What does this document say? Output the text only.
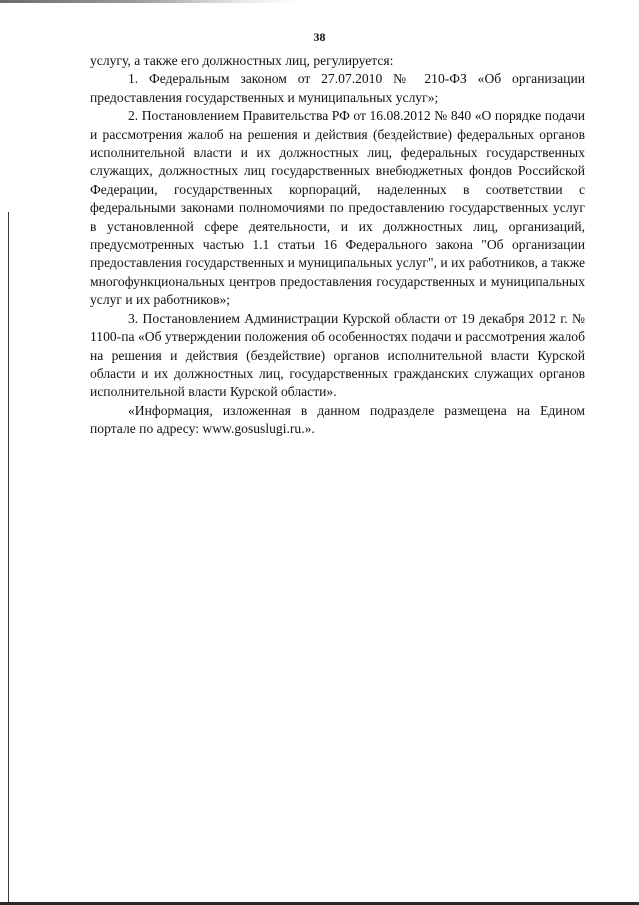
38

услугу, а также его должностных лиц, регулируется:

1. Федеральным законом от 27.07.2010 № 210-ФЗ «Об организации предоставления государственных и муниципальных услуг»;

2. Постановлением Правительства РФ от 16.08.2012 № 840 «О порядке подачи и рассмотрения жалоб на решения и действия (бездействие) федеральных органов исполнительной власти и их должностных лиц, федеральных государственных служащих, должностных лиц государственных внебюджетных фондов Российской Федерации, государственных корпораций, наделенных в соответствии с федеральными законами полномочиями по предоставлению государственных услуг в установленной сфере деятельности, и их должностных лиц, организаций, предусмотренных частью 1.1 статьи 16 Федерального закона "Об организации предоставления государственных и муниципальных услуг", и их работников, а также многофункциональных центров предоставления государственных и муниципальных услуг и их работников»;

3. Постановлением Администрации Курской области от 19 декабря 2012 г. № 1100-па «Об утверждении положения об особенностях подачи и рассмотрения жалоб на решения и действия (бездействие) органов исполнительной власти Курской области и их должностных лиц, государственных гражданских служащих органов исполнительной власти Курской области».

«Информация, изложенная в данном подразделе размещена на Едином портале по адресу: www.gosuslugi.ru.».
